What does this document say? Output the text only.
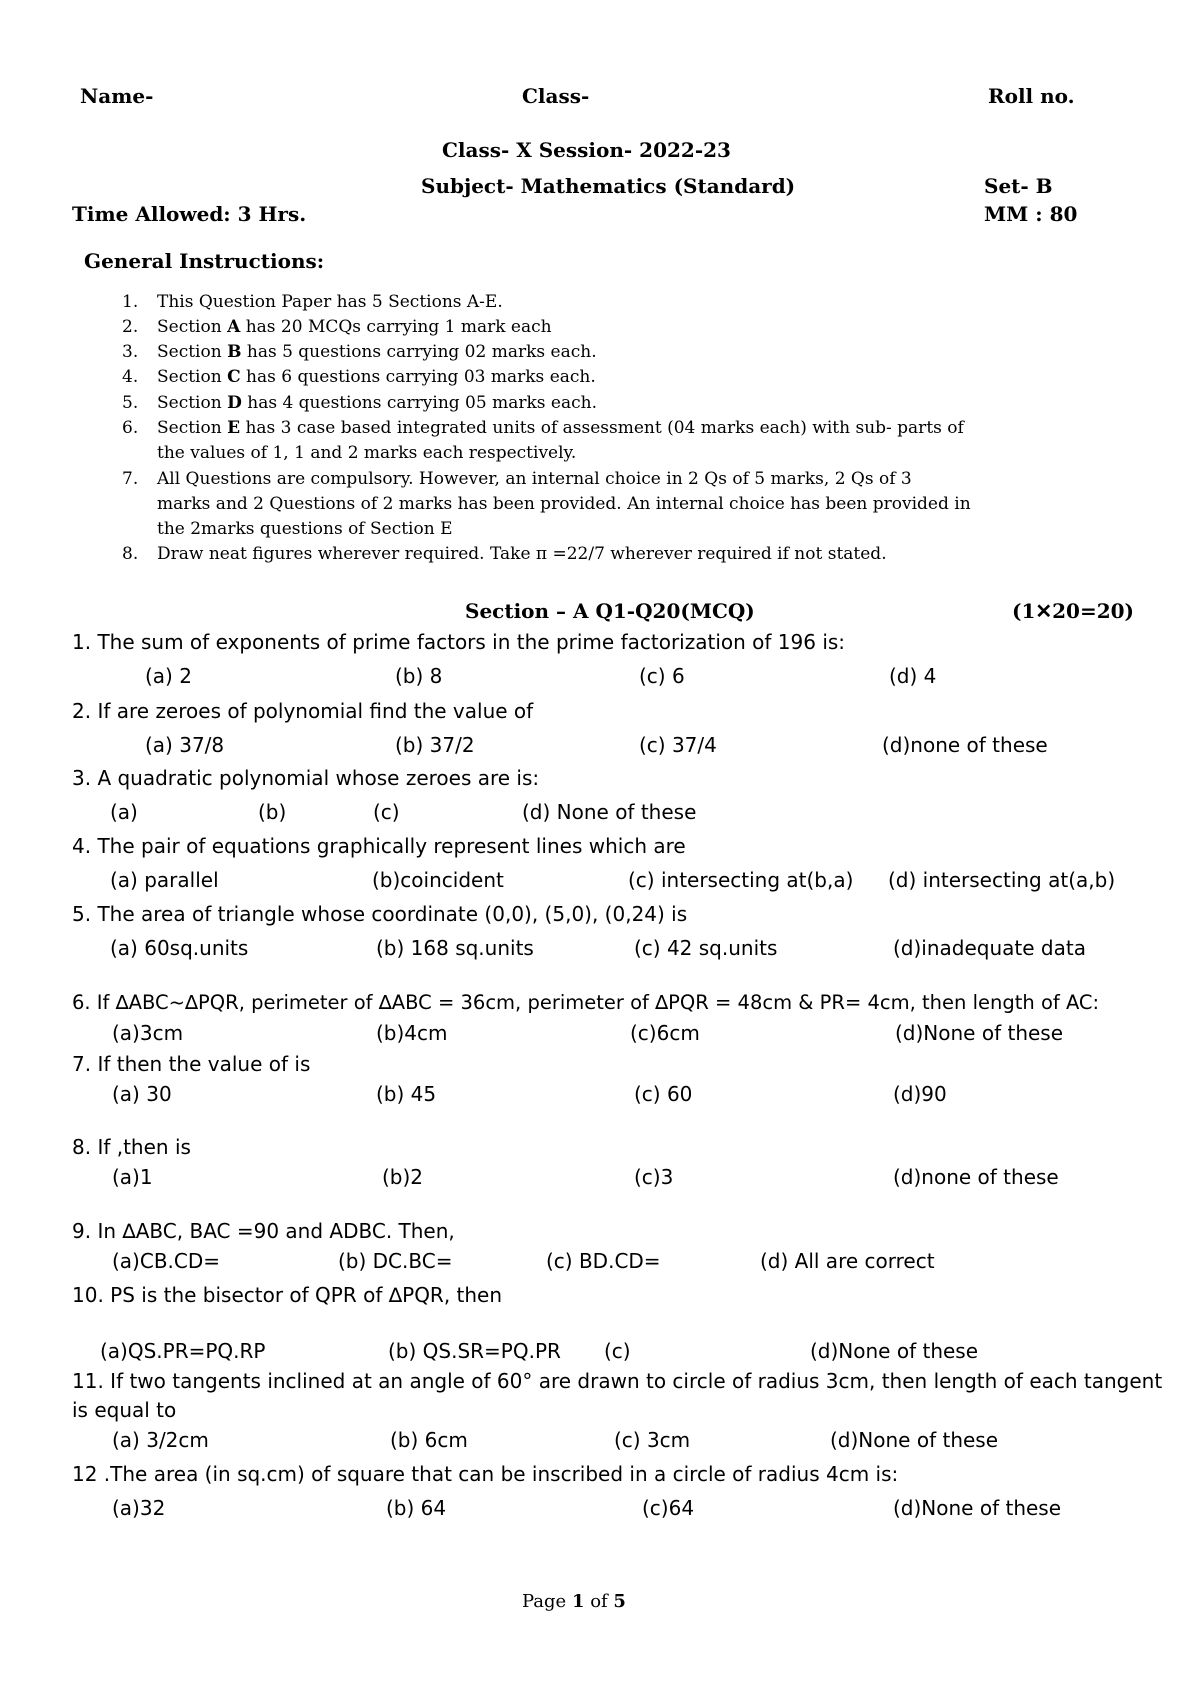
Name-	Class-	Roll no.
Class- X Session- 2022-23
Subject- Mathematics (Standard)	Set- B
Time Allowed: 3 Hrs.	MM : 80
General Instructions:
1. This Question Paper has 5 Sections A-E.
2. Section A has 20 MCQs carrying 1 mark each
3. Section B has 5 questions carrying 02 marks each.
4. Section C has 6 questions carrying 03 marks each.
5. Section D has 4 questions carrying 05 marks each.
6. Section E has 3 case based integrated units of assessment (04 marks each) with sub- parts of
the values of 1, 1 and 2 marks each respectively.
7. All Questions are compulsory. However, an internal choice in 2 Qs of 5 marks, 2 Qs of 3
marks and 2 Questions of 2 marks has been provided. An internal choice has been provided in
the 2marks questions of Section E
8. Draw neat figures wherever required. Take π =22/7 wherever required if not stated.
Section – A Q1-Q20(MCQ)	(1✕20=20)
1. The sum of exponents of prime factors in the prime factorization of 196 is:
(a) 2	(b) 8	(c) 6	(d) 4
2. If are zeroes of polynomial find the value of
(a) 37/8	(b) 37/2	(c) 37/4	(d)none of these
3. A quadratic polynomial whose zeroes are is:
(a)	(b)	(c)	(d) None of these
4. The pair of equations graphically represent lines which are
(a) parallel	(b)coincident	(c) intersecting at(b,a) (d) intersecting at(a,b)
5. The area of triangle whose coordinate (0,0), (5,0), (0,24) is
(a) 60sq.units	(b) 168 sq.units	(c) 42 sq.units	(d)inadequate data
6. If ∆ABC~∆PQR, perimeter of ∆ABC = 36cm, perimeter of ∆PQR = 48cm & PR= 4cm, then length of AC:
(a)3cm	(b)4cm	(c)6cm	(d)None of these
7. If then the value of is
(a) 30	(b) 45	(c) 60	(d)90
8. If ,then is
(a)1	(b)2	(c)3	(d)none of these
9. In ∆ABC, BAC =90 and ADBC. Then,
(a)CB.CD=	(b) DC.BC=	(c) BD.CD=	(d) All are correct
10. PS is the bisector of QPR of ∆PQR, then
(a)QS.PR=PQ.RP	(b) QS.SR=PQ.PR (c)	(d)None of these
11. If two tangents inclined at an angle of 60° are drawn to circle of radius 3cm, then length of each tangent
is equal to
(a) 3/2cm	(b) 6cm	(c) 3cm	(d)None of these
12 .The area (in sq.cm) of square that can be inscribed in a circle of radius 4cm is:
(a)32	(b) 64	(c)64	(d)None of these
Page 1 of 5
